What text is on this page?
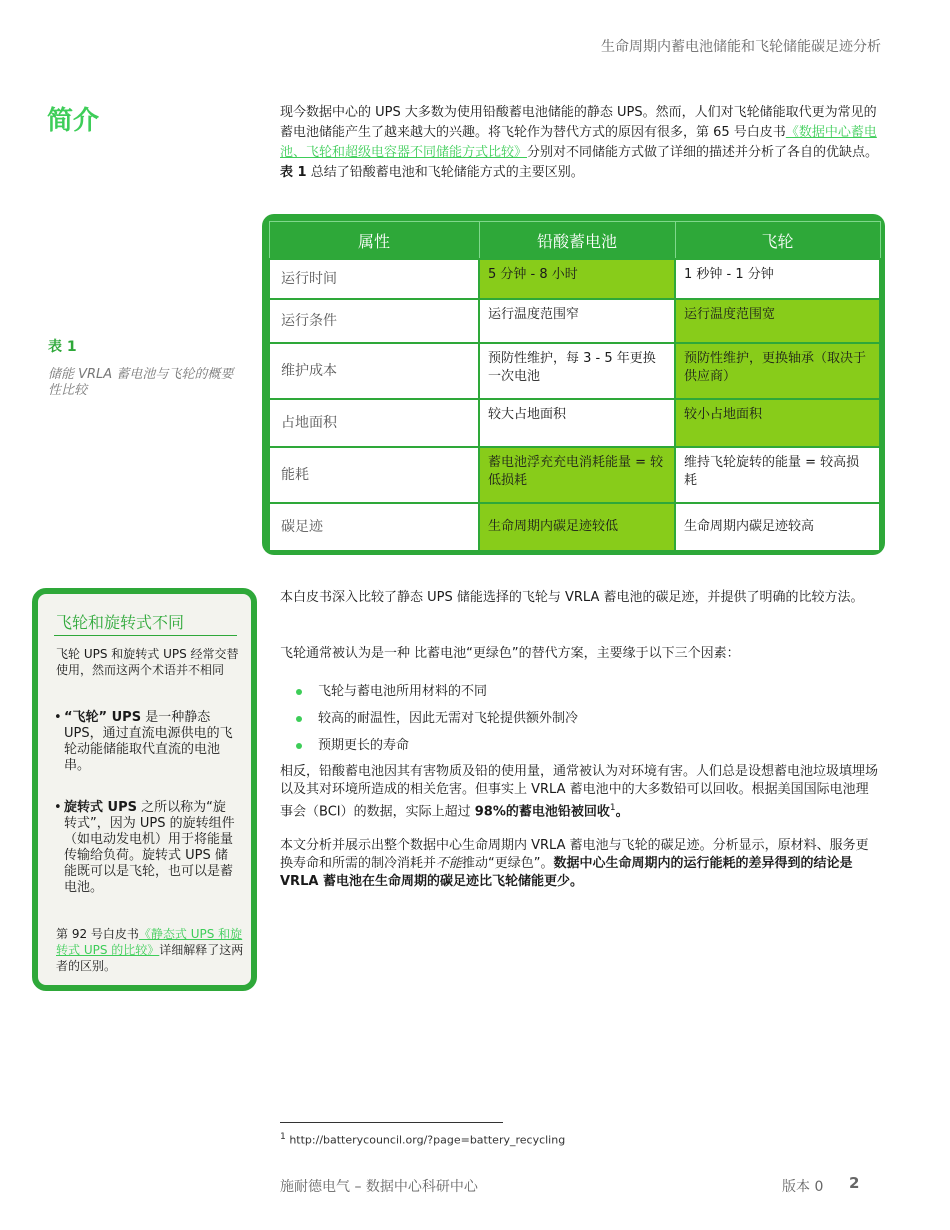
生命周期内蓄电池储能和飞轮储能碳足迹分析
简介	现今数据中心的 UPS 大多数为使用铅酸蓄电池储能的静态 UPS。然而，人们对飞轮储能取代更为常见的蓄电池储能产生了越来越大的兴趣。将飞轮作为替代方式的原因有很多，第 65 号白皮书《数据中心蓄电池、飞轮和超级电容器不同储能方式比较》分别对不同储能方式做了详细的描述并分析了各自的优缺点。表 1 总结了铅酸蓄电池和飞轮储能方式的主要区别。
属性	铅酸蓄电池	飞轮
运行时间	5 分钟 - 8 小时	1 秒钟 - 1 分钟
运行条件	运行温度范围窄	运行温度范围宽
维护成本	预防性维护，每 3 - 5 年更换一次电池	预防性维护，更换轴承（取决于供应商）
占地面积	较大占地面积	较小占地面积
能耗	蓄电池浮充充电消耗能量 = 较低损耗	维持飞轮旋转的能量 = 较高损耗
碳足迹	生命周期内碳足迹较低	生命周期内碳足迹较高
表 1
储能 VRLA 蓄电池与飞轮的概要性比较
飞轮和旋转式不同
飞轮 UPS 和旋转式 UPS 经常交替使用，然而这两个术语并不相同
• “飞轮” UPS 是一种静态 UPS，通过直流电源供电的飞轮动能储能取代直流的电池串。
• 旋转式 UPS 之所以称为“旋转式”，因为 UPS 的旋转组件（如电动发电机）用于将能量传输给负荷。旋转式 UPS 储能既可以是飞轮，也可以是蓄电池。
第 92 号白皮书《静态式 UPS 和旋转式 UPS 的比较》详细解释了这两者的区别。
本白皮书深入比较了静态 UPS 储能选择的飞轮与 VRLA 蓄电池的碳足迹，并提供了明确的比较方法。
飞轮通常被认为是一种 比蓄电池“更绿色”的替代方案，主要缘于以下三个因素：
飞轮与蓄电池所用材料的不同
较高的耐温性，因此无需对飞轮提供额外制冷
预期更长的寿命
相反，铅酸蓄电池因其有害物质及铅的使用量，通常被认为对环境有害。人们总是设想蓄电池垃圾填埋场以及其对环境所造成的相关危害。但事实上 VRLA 蓄电池中的大多数铅可以回收。根据美国国际电池理事会（BCI）的数据，实际上超过 98%的蓄电池铅被回收$^1$。
本文分析并展示出整个数据中心生命周期内 VRLA 蓄电池与飞轮的碳足迹。分析显示，原材料、服务更换寿命和所需的制冷消耗并不能推动“更绿色”。数据中心生命周期内的运行能耗的差异得到的结论是 VRLA 蓄电池在生命周期的碳足迹比飞轮储能更少。
$^1$ http://batterycouncil.org/?page=battery_recycling
施耐德电气 – 数据中心科研中心	版本 0 2
